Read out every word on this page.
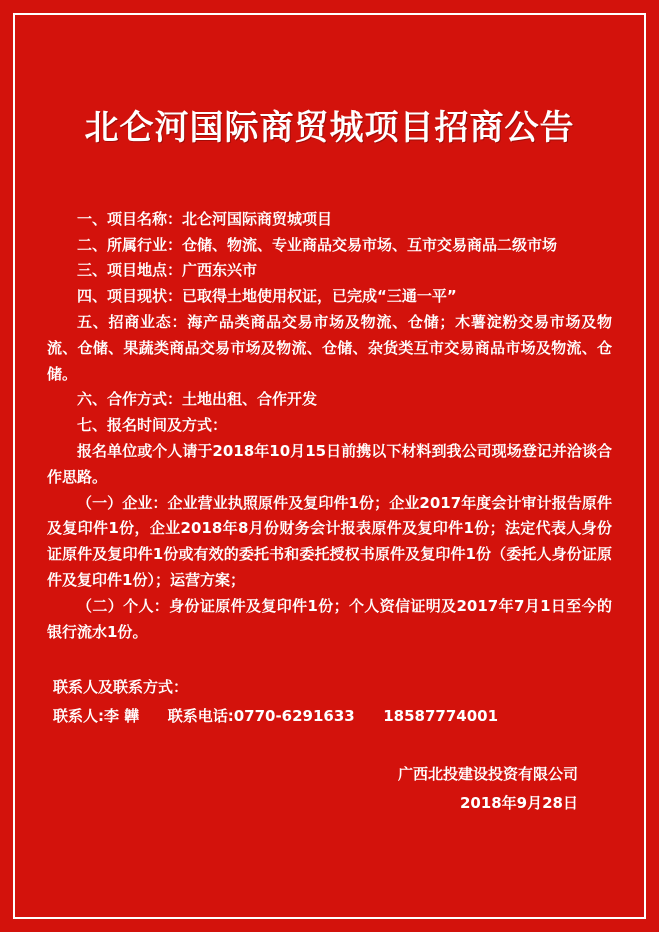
北仑河国际商贸城项目招商公告

一、项目名称：北仑河国际商贸城项目

二、所属行业：仓储、物流、专业商品交易市场、互市交易商品二级市场

三、项目地点：广西东兴市

四、项目现状：已取得土地使用权证，已完成“三通一平”

五、招商业态：海产品类商品交易市场及物流、仓储；木薯淀粉交易市场及物流、仓储、果蔬类商品交易市场及物流、仓储、杂货类互市交易商品市场及物流、仓储。

六、合作方式：土地出租、合作开发

七、报名时间及方式：

报名单位或个人请于2018年10月15日前携以下材料到我公司现场登记并洽谈合作思路。

（一）企业：企业营业执照原件及复印件1份；企业2017年度会计审计报告原件及复印件1份，企业2018年8月份财务会计报表原件及复印件1份；法定代表人身份证原件及复印件1份或有效的委托书和委托授权书原件及复印件1份（委托人身份证原件及复印件1份）；运营方案；

（二）个人：身份证原件及复印件1份；个人资信证明及2017年7月1日至今的银行流水1份。

联系人及联系方式：

联系人:李 韡 联系电话:0770-6291633 18587774001

广西北投建设投资有限公司

2018年9月28日
